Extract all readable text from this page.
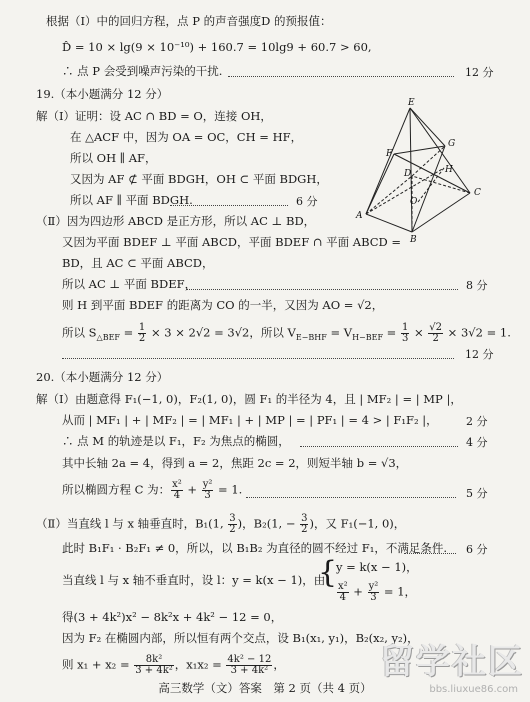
根据（Ⅰ）中的回归方程，点 P 的声音强度D 的预报值：
D̂ = 10 × lg(9 × 10⁻¹⁰) + 160.7 = 10lg9 + 60.7 > 60,
∴ 点 P 会受到噪声污染的干扰.	12 分
19.（本小题满分 12 分）
解（Ⅰ）证明：设 AC ∩ BD = O，连接 OH，
在 △ACF 中，因为 OA = OC，CH = HF，
所以 OH ∥ AF，
又因为 AF ⊄ 平面 BDGH，OH ⊂ 平面 BDGH，
所以 AF ∥ 平面 BDGH.	6 分
（Ⅱ）因为四边形 ABCD 是正方形，所以 AC ⊥ BD，
又因为平面 BDEF ⊥ 平面 ABCD，平面 BDEF ∩ 平面 ABCD =
BD，且 AC ⊂ 平面 ABCD，
所以 AC ⊥ 平面 BDEF，	8 分
则 H 到平面 BDEF 的距离为 CO 的一半，又因为 AO = √2，
所以 $S_{\triangle BEF} = \frac{1}{2} \times 3 \times 2√2 = 3√2$，所以 $V_{E-BHF} = V_{H-BEF} = \frac{1}{3} \times \frac{√2}{2} \times 3√2 = 1$.
12 分
20.（本小题满分 12 分）
解（Ⅰ）由题意得 F₁(−1, 0)，F₂(1, 0)，圆 F₁ 的半径为 4，且 | MF₂ | = | MP |，
从而 | MF₁ | + | MF₂ | = | MF₁ | + | MP | = | PF₁ | = 4 > | F₁F₂ |，	2 分
∴ 点 M 的轨迹是以 F₁，F₂ 为焦点的椭圆，	4 分
其中长轴 2a = 4，得到 a = 2，焦距 2c = 2，则短半轴 b = √3，
所以椭圆方程 C 为： $\frac{\text{x²}}{4} + \frac{\text{y²}}{3} = 1$.	5 分
（Ⅱ）当直线 l 与 x 轴垂直时，B₁(1, $\frac{3}{2}$ )，B₂(1, − $\frac{3}{2}$ )，又 F₁(−1, 0)，
此时 B₁F₁ · B₂F₁ ≠ 0，所以，以 B₁B₂ 为直径的圆不经过 F₁，不满足条件. 6 分
当直线 l 与 x 轴不垂直时，设 l：y = k(x − 1)，由
{
y = k(x − 1)，
$\frac{\text{x²}}{4} + \frac{\text{y²}}{3} = 1$，
得(3 + 4k²)x² − 8k²x + 4k² − 12 = 0，
因为 F₂ 在椭圆内部，所以恒有两个交点，设 B₁(x₁, y₁)，B₂(x₂, y₂)，
则 $x_1 + x_2 = \frac{\text{8k²}}{\text{3 + 4k²}}$ ，$x_1x_2 = \frac{\text{4k² − 12}}{\text{3 + 4k²}}$ ，
E
F
G
D	H
C
A
O
B
高三数学（文）答案　第 2 页（共 4 页）
留学社区
bbs.liuxue86.com
